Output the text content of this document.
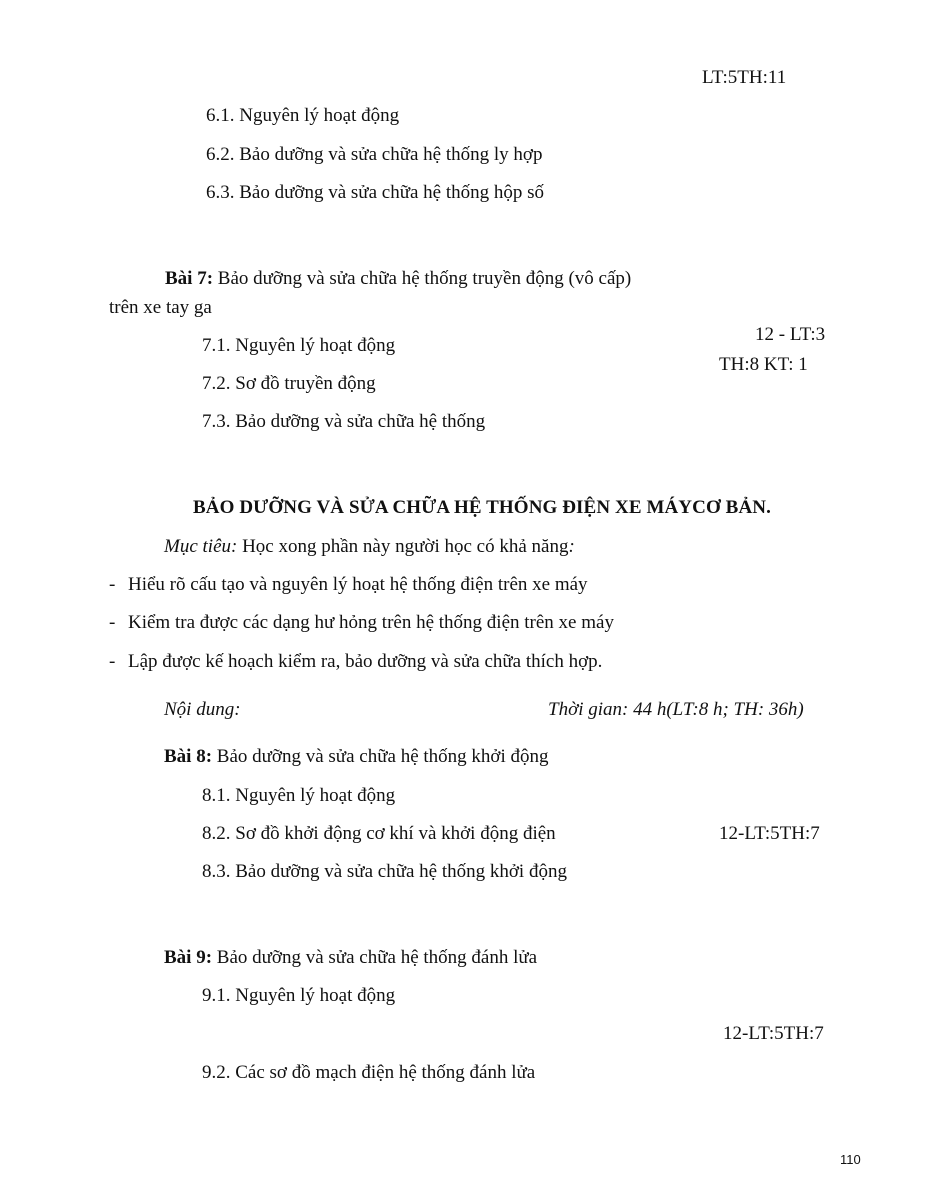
LT:5TH:11
6.1. Nguyên lý hoạt động
6.2. Bảo dưỡng và sửa chữa hệ thống ly hợp
6.3. Bảo dưỡng và sửa chữa hệ thống hộp số
Bài 7: Bảo dưỡng và sửa chữa hệ thống truyền động (vô cấp)
trên xe tay ga
12 - LT:3
TH:8 KT: 1
7.1. Nguyên lý hoạt động
7.2. Sơ đồ truyền động
7.3. Bảo dưỡng và sửa chữa hệ thống
BẢO DƯỠNG VÀ SỬA CHỮA HỆ THỐNG ĐIỆN XE MÁYCƠ BẢN.
Mục tiêu: Học xong phần này người học có khả năng:
- Hiểu rõ cấu tạo và nguyên lý hoạt hệ thống điện trên xe máy
- Kiểm tra được các dạng hư hỏng trên hệ thống điện trên xe máy
- Lập được kế hoạch kiểm ra, bảo dưỡng và sửa chữa thích hợp.
Nội dung:	Thời gian: 44 h(LT:8 h; TH: 36h)
Bài 8: Bảo dưỡng và sửa chữa hệ thống khởi động
8.1. Nguyên lý hoạt động
8.2. Sơ đồ khởi động cơ khí và khởi động điện	12-LT:5TH:7
8.3. Bảo dưỡng và sửa chữa hệ thống khởi động
Bài 9: Bảo dưỡng và sửa chữa hệ thống đánh lửa
9.1. Nguyên lý hoạt động
12-LT:5TH:7
9.2. Các sơ đồ mạch điện hệ thống đánh lửa
110
